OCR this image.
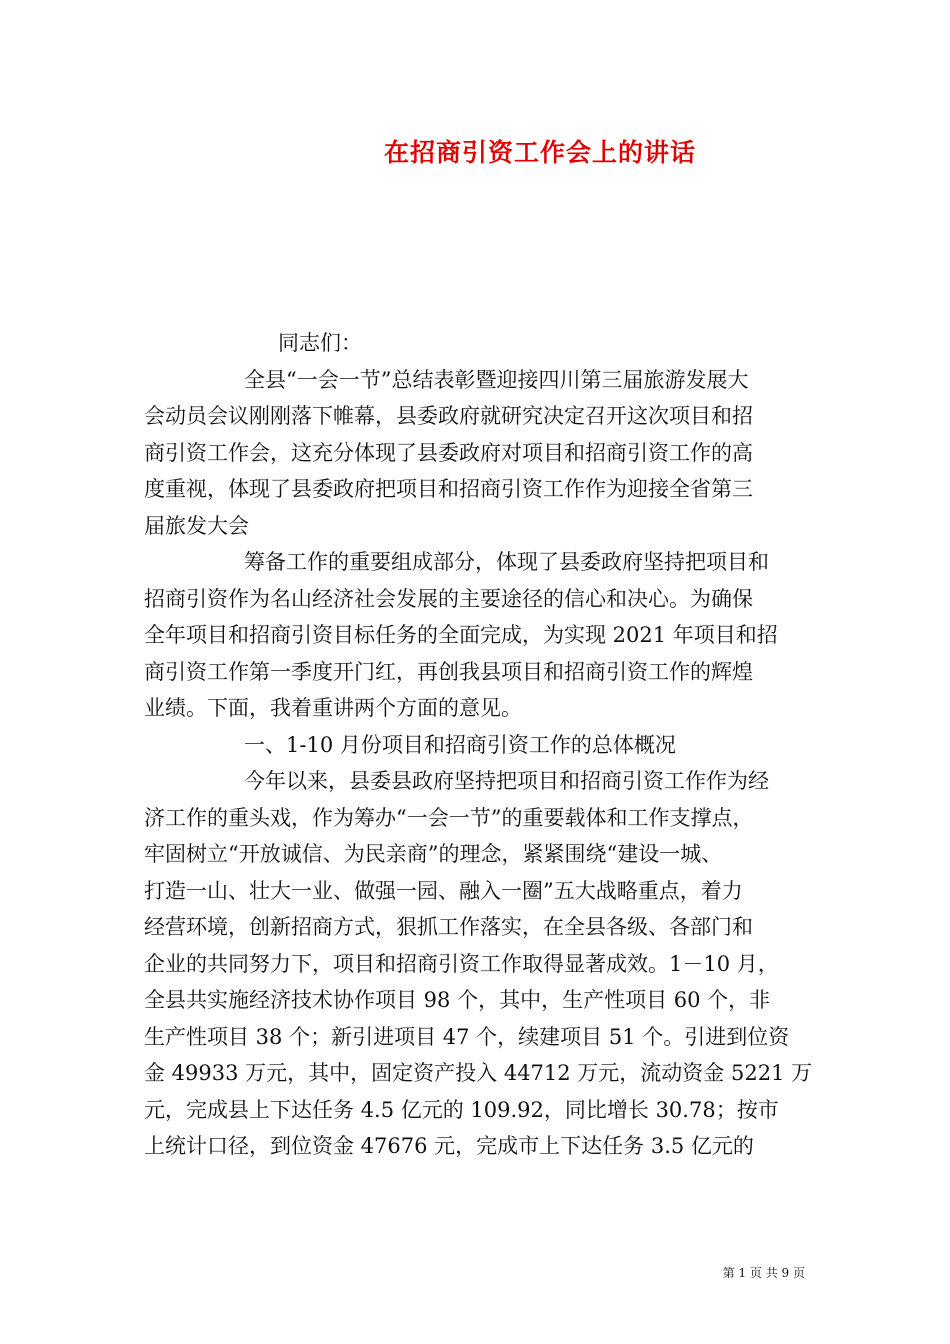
在招商引资工作会上的讲话
同志们：
全县“一会一节”总结表彰暨迎接四川第三届旅游发展大
会动员会议刚刚落下帷幕，县委政府就研究决定召开这次项目和招
商引资工作会，这充分体现了县委政府对项目和招商引资工作的高
度重视，体现了县委政府把项目和招商引资工作作为迎接全省第三
届旅发大会
筹备工作的重要组成部分，体现了县委政府坚持把项目和
招商引资作为名山经济社会发展的主要途径的信心和决心。为确保
全年项目和招商引资目标任务的全面完成，为实现 2021 年项目和招
商引资工作第一季度开门红，再创我县项目和招商引资工作的辉煌
业绩。下面，我着重讲两个方面的意见。
一、1-10 月份项目和招商引资工作的总体概况
今年以来，县委县政府坚持把项目和招商引资工作作为经
济工作的重头戏，作为筹办“一会一节”的重要载体和工作支撑点，
牢固树立“开放诚信、为民亲商”的理念，紧紧围绕“建设一城、
打造一山、壮大一业、做强一园、融入一圈”五大战略重点，着力
经营环境，创新招商方式，狠抓工作落实，在全县各级、各部门和
企业的共同努力下，项目和招商引资工作取得显著成效。1－10 月，
全县共实施经济技术协作项目 98 个，其中，生产性项目 60 个，非
生产性项目 38 个；新引进项目 47 个，续建项目 51 个。引进到位资
金 49933 万元，其中，固定资产投入 44712 万元，流动资金 5221 万
元，完成县上下达任务 4.5 亿元的 109.92，同比增长 30.78；按市
上统计口径，到位资金 47676 元，完成市上下达任务 3.5 亿元的
第 1 页 共 9 页
